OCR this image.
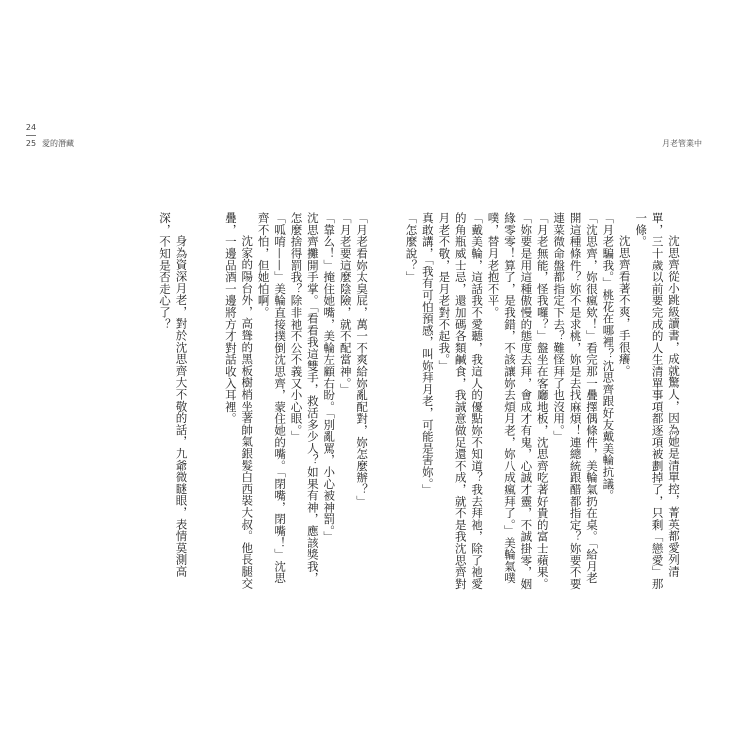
24
25 愛的潛藏	月老管業中

沈思齊從小跳級讀書，成就驚人，因為她是清單控，菁英都愛列清單，三十歲以前要完成的人生清單事項都逐項被劃掉了，只剩「戀愛」那一條。

沈思齊看著不爽，手很癢。

「月老騙我。」桃花在哪裡？沈思齊跟好友戴美輪抗議。

「沈思齊，妳很瘋欸！」看完那一疊擇偶條件，美輪氣扔在桌。「給月老開這種條件？妳不是求桃，妳是去找麻煩！連總統跟醋都指定？妳要不要連菜微命盤都指定下去？難怪拜了也沒用。」

「月老無能，怪我囉？」盤坐在客廳地板，沈思齊吃著好貴的富士蘋果。

「妳要是用這種傲慢的態度去拜，會成才有鬼，心誠才靈，不誠掛零，姻緣零零！算了，是我錯，不該讓妳去煩月老，妳八成瘋拜了。」美輪氣噗噗，替月老抱不平。

「戴美輪，這話我不愛聽，我這人的優點妳不知道？我去拜祂，除了祂愛的角瓶威士忌，還加碼各類鹹食，我誠意做足還不成，就不是我沈思齊對月老不敬，是月老對不起我。」

真敢講，「我有可怕預感，叫妳拜月老，可能是害妳。」

「怎麼說？」

「月老看妳太臭屁，萬一不爽給妳亂配對，妳怎麼辦？」

「月老要這麼陰險，就不配當神。」

「靠么！」掩住她嘴，美輪左顧右盼。「別亂罵，小心被神罰。」

沈思齊攤開手掌。「看看我這雙手，救活多少人？如果有神，應該獎我，怎麼捨得罰我？除非祂不公不義又小心眼。」

「呱唷——」美輪直接撲倒沈思齊，蒙住她的嘴。「閉嘴，閉嘴！」沈思齊不怕，但她怕啊。

沈家的陽台外，高聳的黑板樹梢坐著帥氣銀髮白西裝大叔。他長腿交疊，一邊品酒一邊將方才對話收入耳裡。

身為資深月老，對於沈思齊大不敬的話，九爺微瞇眼，表情莫測高深，不知是否走心了？
